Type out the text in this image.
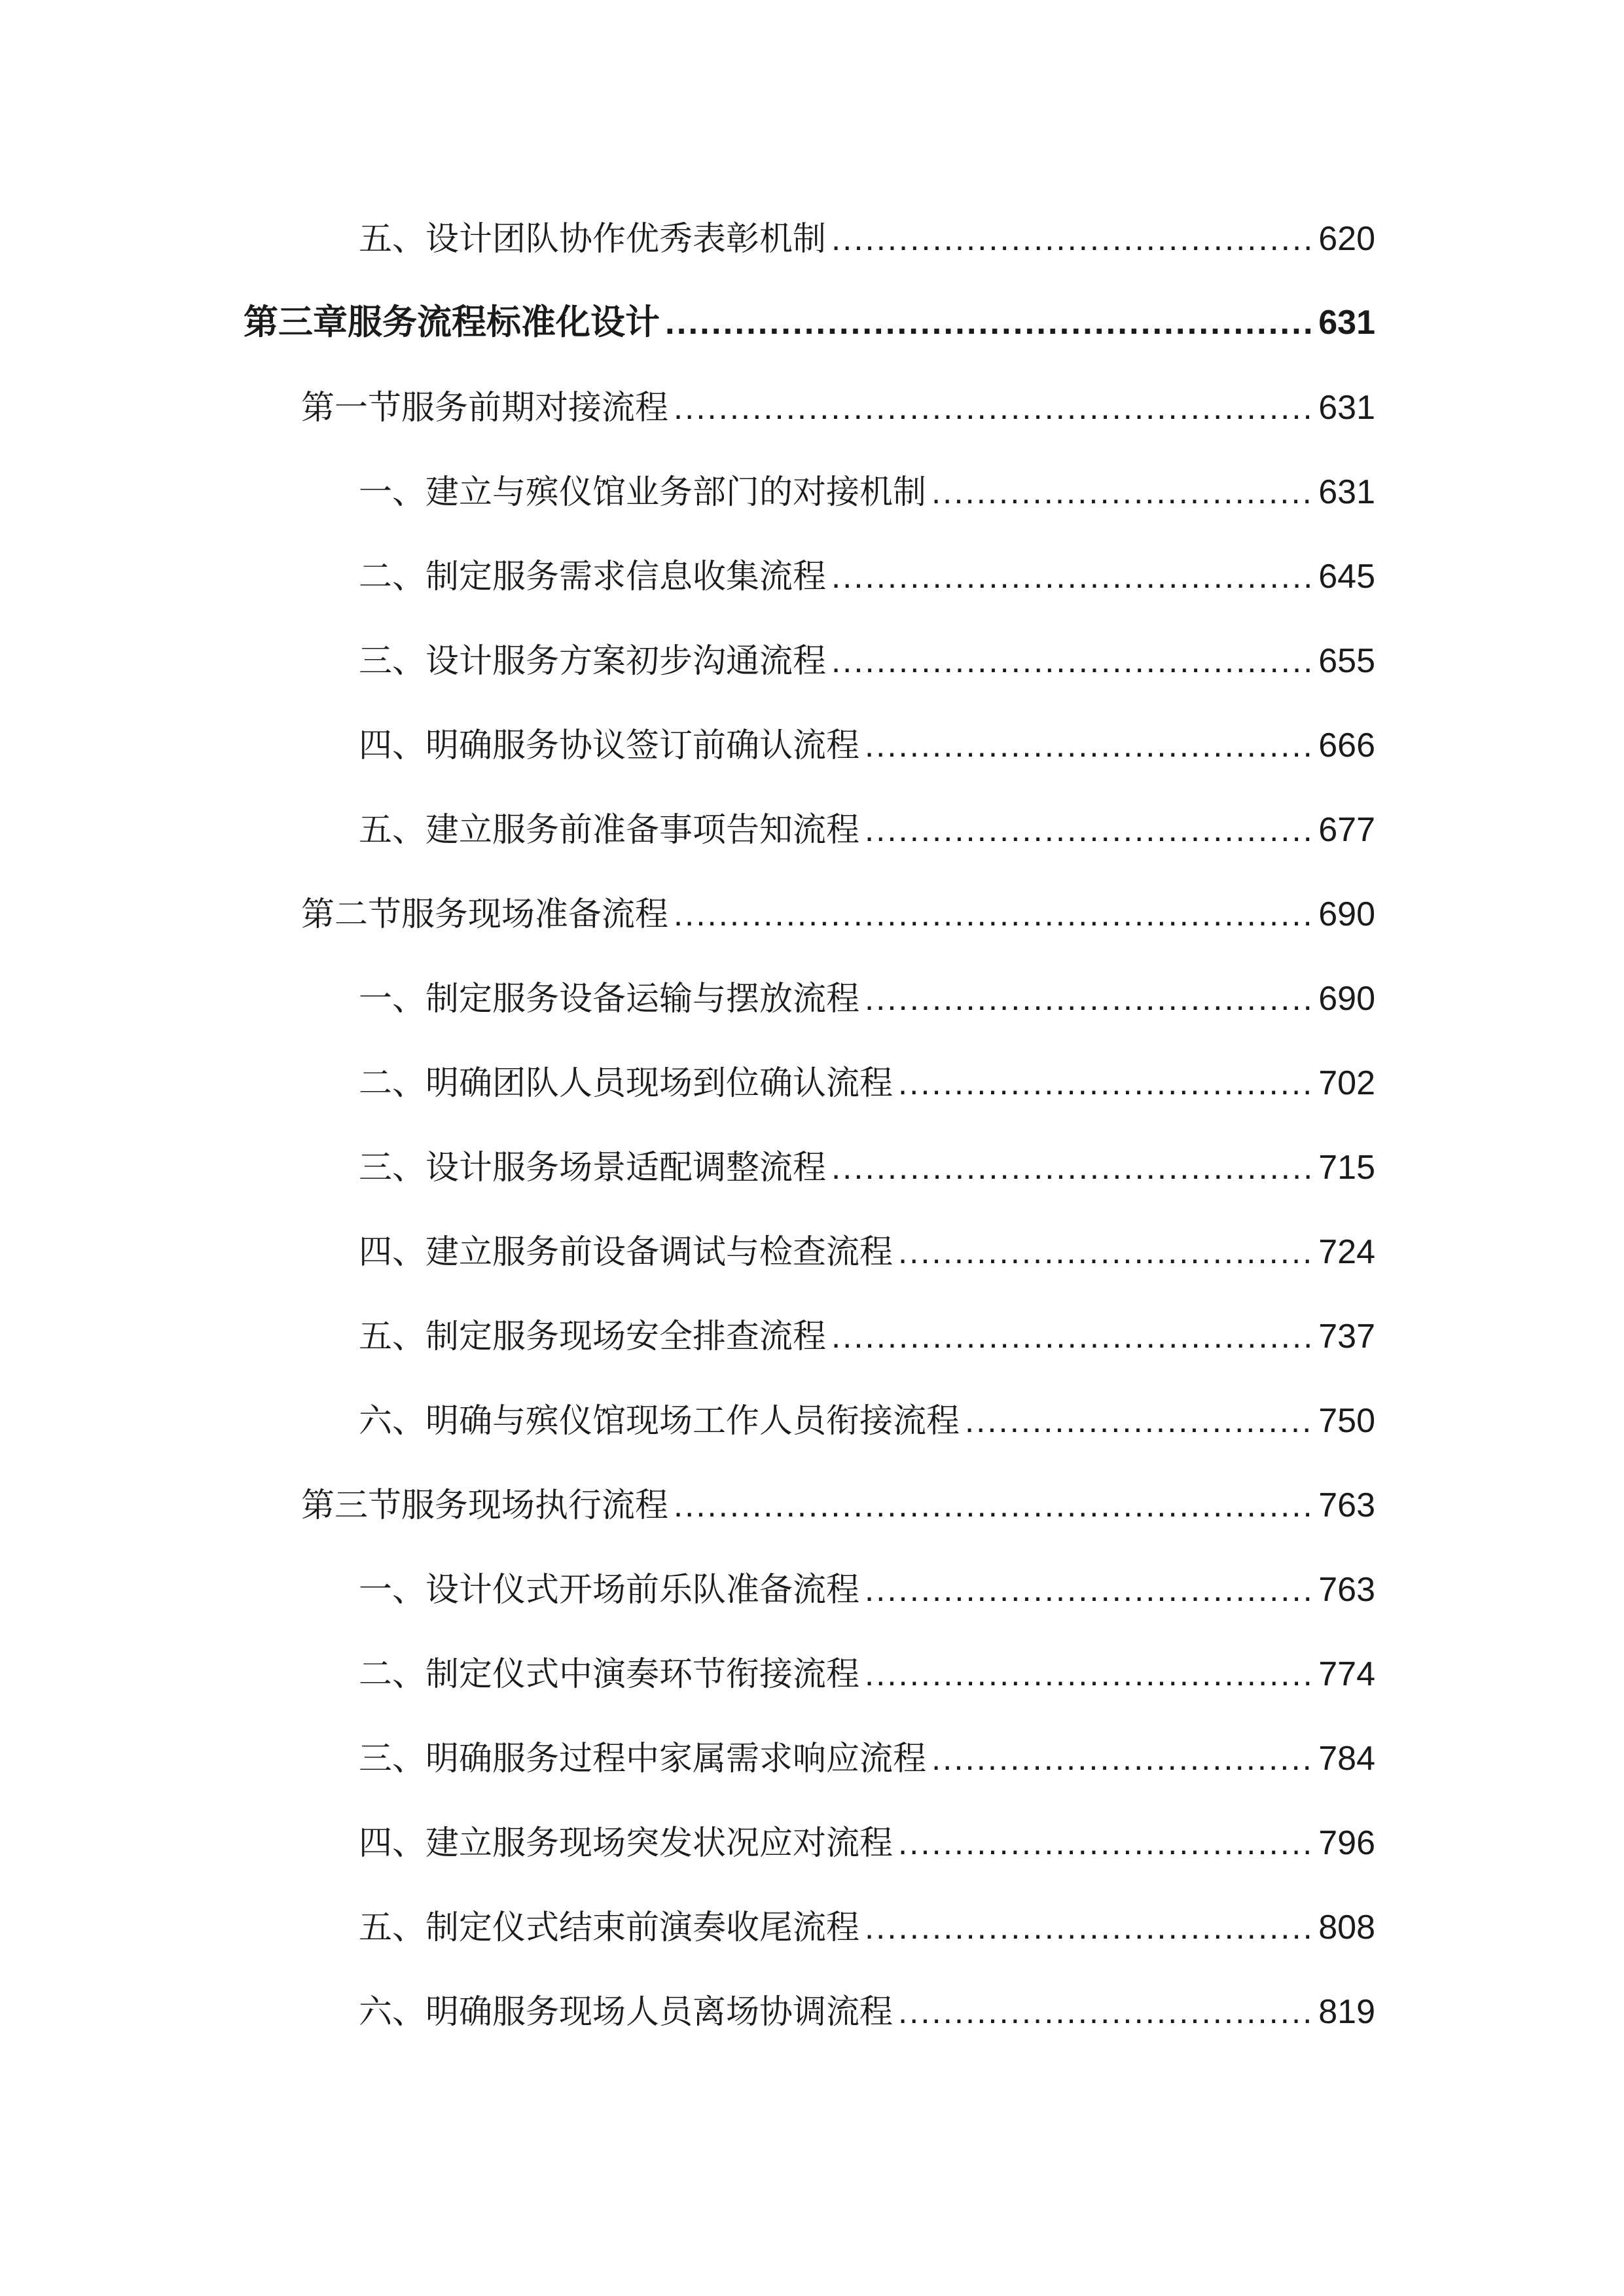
五、设计团队协作优秀表彰机制 .....	620
第三章服务流程标准化设计 .....	631
第一节服务前期对接流程 .....	631
一、建立与殡仪馆业务部门的对接机制 .....	631
二、制定服务需求信息收集流程 .....	645
三、设计服务方案初步沟通流程 .....	655
四、明确服务协议签订前确认流程 .....	666
五、建立服务前准备事项告知流程 .....	677
第二节服务现场准备流程 .....	690
一、制定服务设备运输与摆放流程 .....	690
二、明确团队人员现场到位确认流程 .....	702
三、设计服务场景适配调整流程 .....	715
四、建立服务前设备调试与检查流程 .....	724
五、制定服务现场安全排查流程 .....	737
六、明确与殡仪馆现场工作人员衔接流程 .....	750
第三节服务现场执行流程 .....	763
一、设计仪式开场前乐队准备流程 .....	763
二、制定仪式中演奏环节衔接流程 .....	774
三、明确服务过程中家属需求响应流程 .....	784
四、建立服务现场突发状况应对流程 .....	796
五、制定仪式结束前演奏收尾流程 .....	808
六、明确服务现场人员离场协调流程 .....	819
